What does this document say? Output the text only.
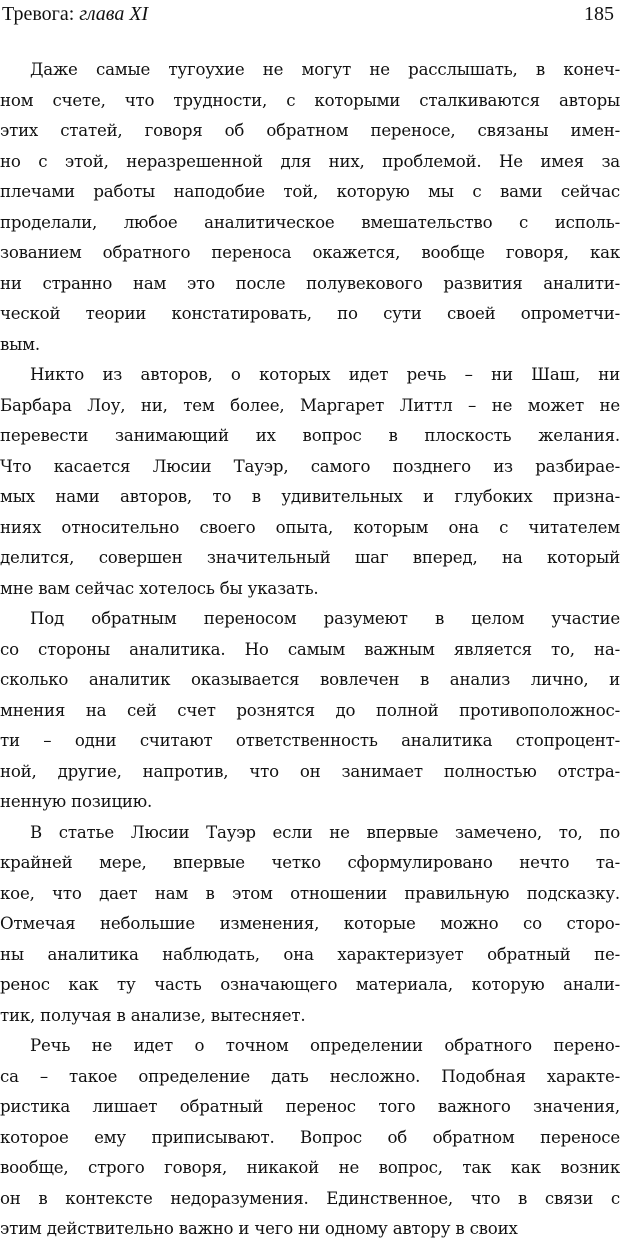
Тревога: глава XI	185
Даже самые тугоухие не могут не расслышать, в конеч-
ном счете, что трудности, с которыми сталкиваются авторы
этих статей, говоря об обратном переносе, связаны имен-
но с этой, неразрешенной для них, проблемой. Не имея за
плечами работы наподобие той, которую мы с вами сейчас
проделали, любое аналитическое вмешательство с исполь-
зованием обратного переноса окажется, вообще говоря, как
ни странно нам это после полувекового развития аналити-
ческой теории констатировать, по сути своей опрометчи-
вым.
Никто из авторов, о которых идет речь – ни Шаш, ни
Барбара Лоу, ни, тем более, Маргарет Литтл – не может не
перевести занимающий их вопрос в плоскость желания.
Что касается Люсии Тауэр, самого позднего из разбирае-
мых нами авторов, то в удивительных и глубоких призна-
ниях относительно своего опыта, которым она с читателем
делится, совершен значительный шаг вперед, на который
мне вам сейчас хотелось бы указать.
Под обратным переносом разумеют в целом участие
со стороны аналитика. Но самым важным является то, на-
сколько аналитик оказывается вовлечен в анализ лично, и
мнения на сей счет рознятся до полной противоположнос-
ти – одни считают ответственность аналитика стопроцент-
ной, другие, напротив, что он занимает полностью отстра-
ненную позицию.
В статье Люсии Тауэр если не впервые замечено, то, по
крайней мере, впервые четко сформулировано нечто та-
кое, что дает нам в этом отношении правильную подсказку.
Отмечая небольшие изменения, которые можно со сторо-
ны аналитика наблюдать, она характеризует обратный пе-
ренос как ту часть означающего материала, которую анали-
тик, получая в анализе, вытесняет.
Речь не идет о точном определении обратного перено-
са – такое определение дать несложно. Подобная характе-
ристика лишает обратный перенос того важного значения,
которое ему приписывают. Вопрос об обратном переносе
вообще, строго говоря, никакой не вопрос, так как возник
он в контексте недоразумения. Единственное, что в связи с
этим действительно важно и чего ни одному автору в своих
